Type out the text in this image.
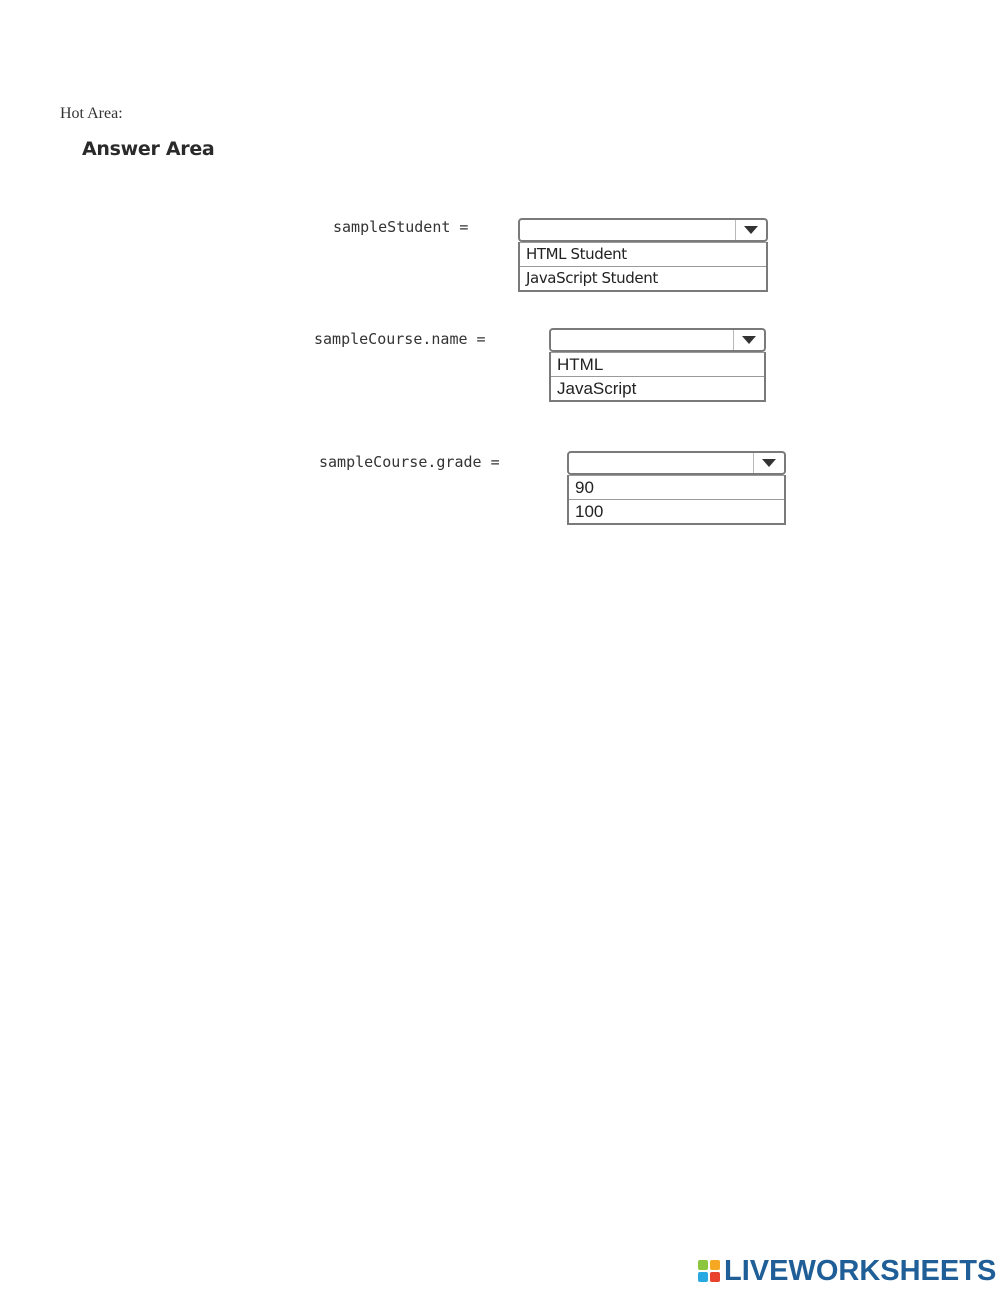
Hot Area:
Answer Area
sampleStudent =
HTML Student
JavaScript Student
sampleCourse.name =
HTML
JavaScript
sampleCourse.grade =
90
100
LIVEWORKSHEETS
